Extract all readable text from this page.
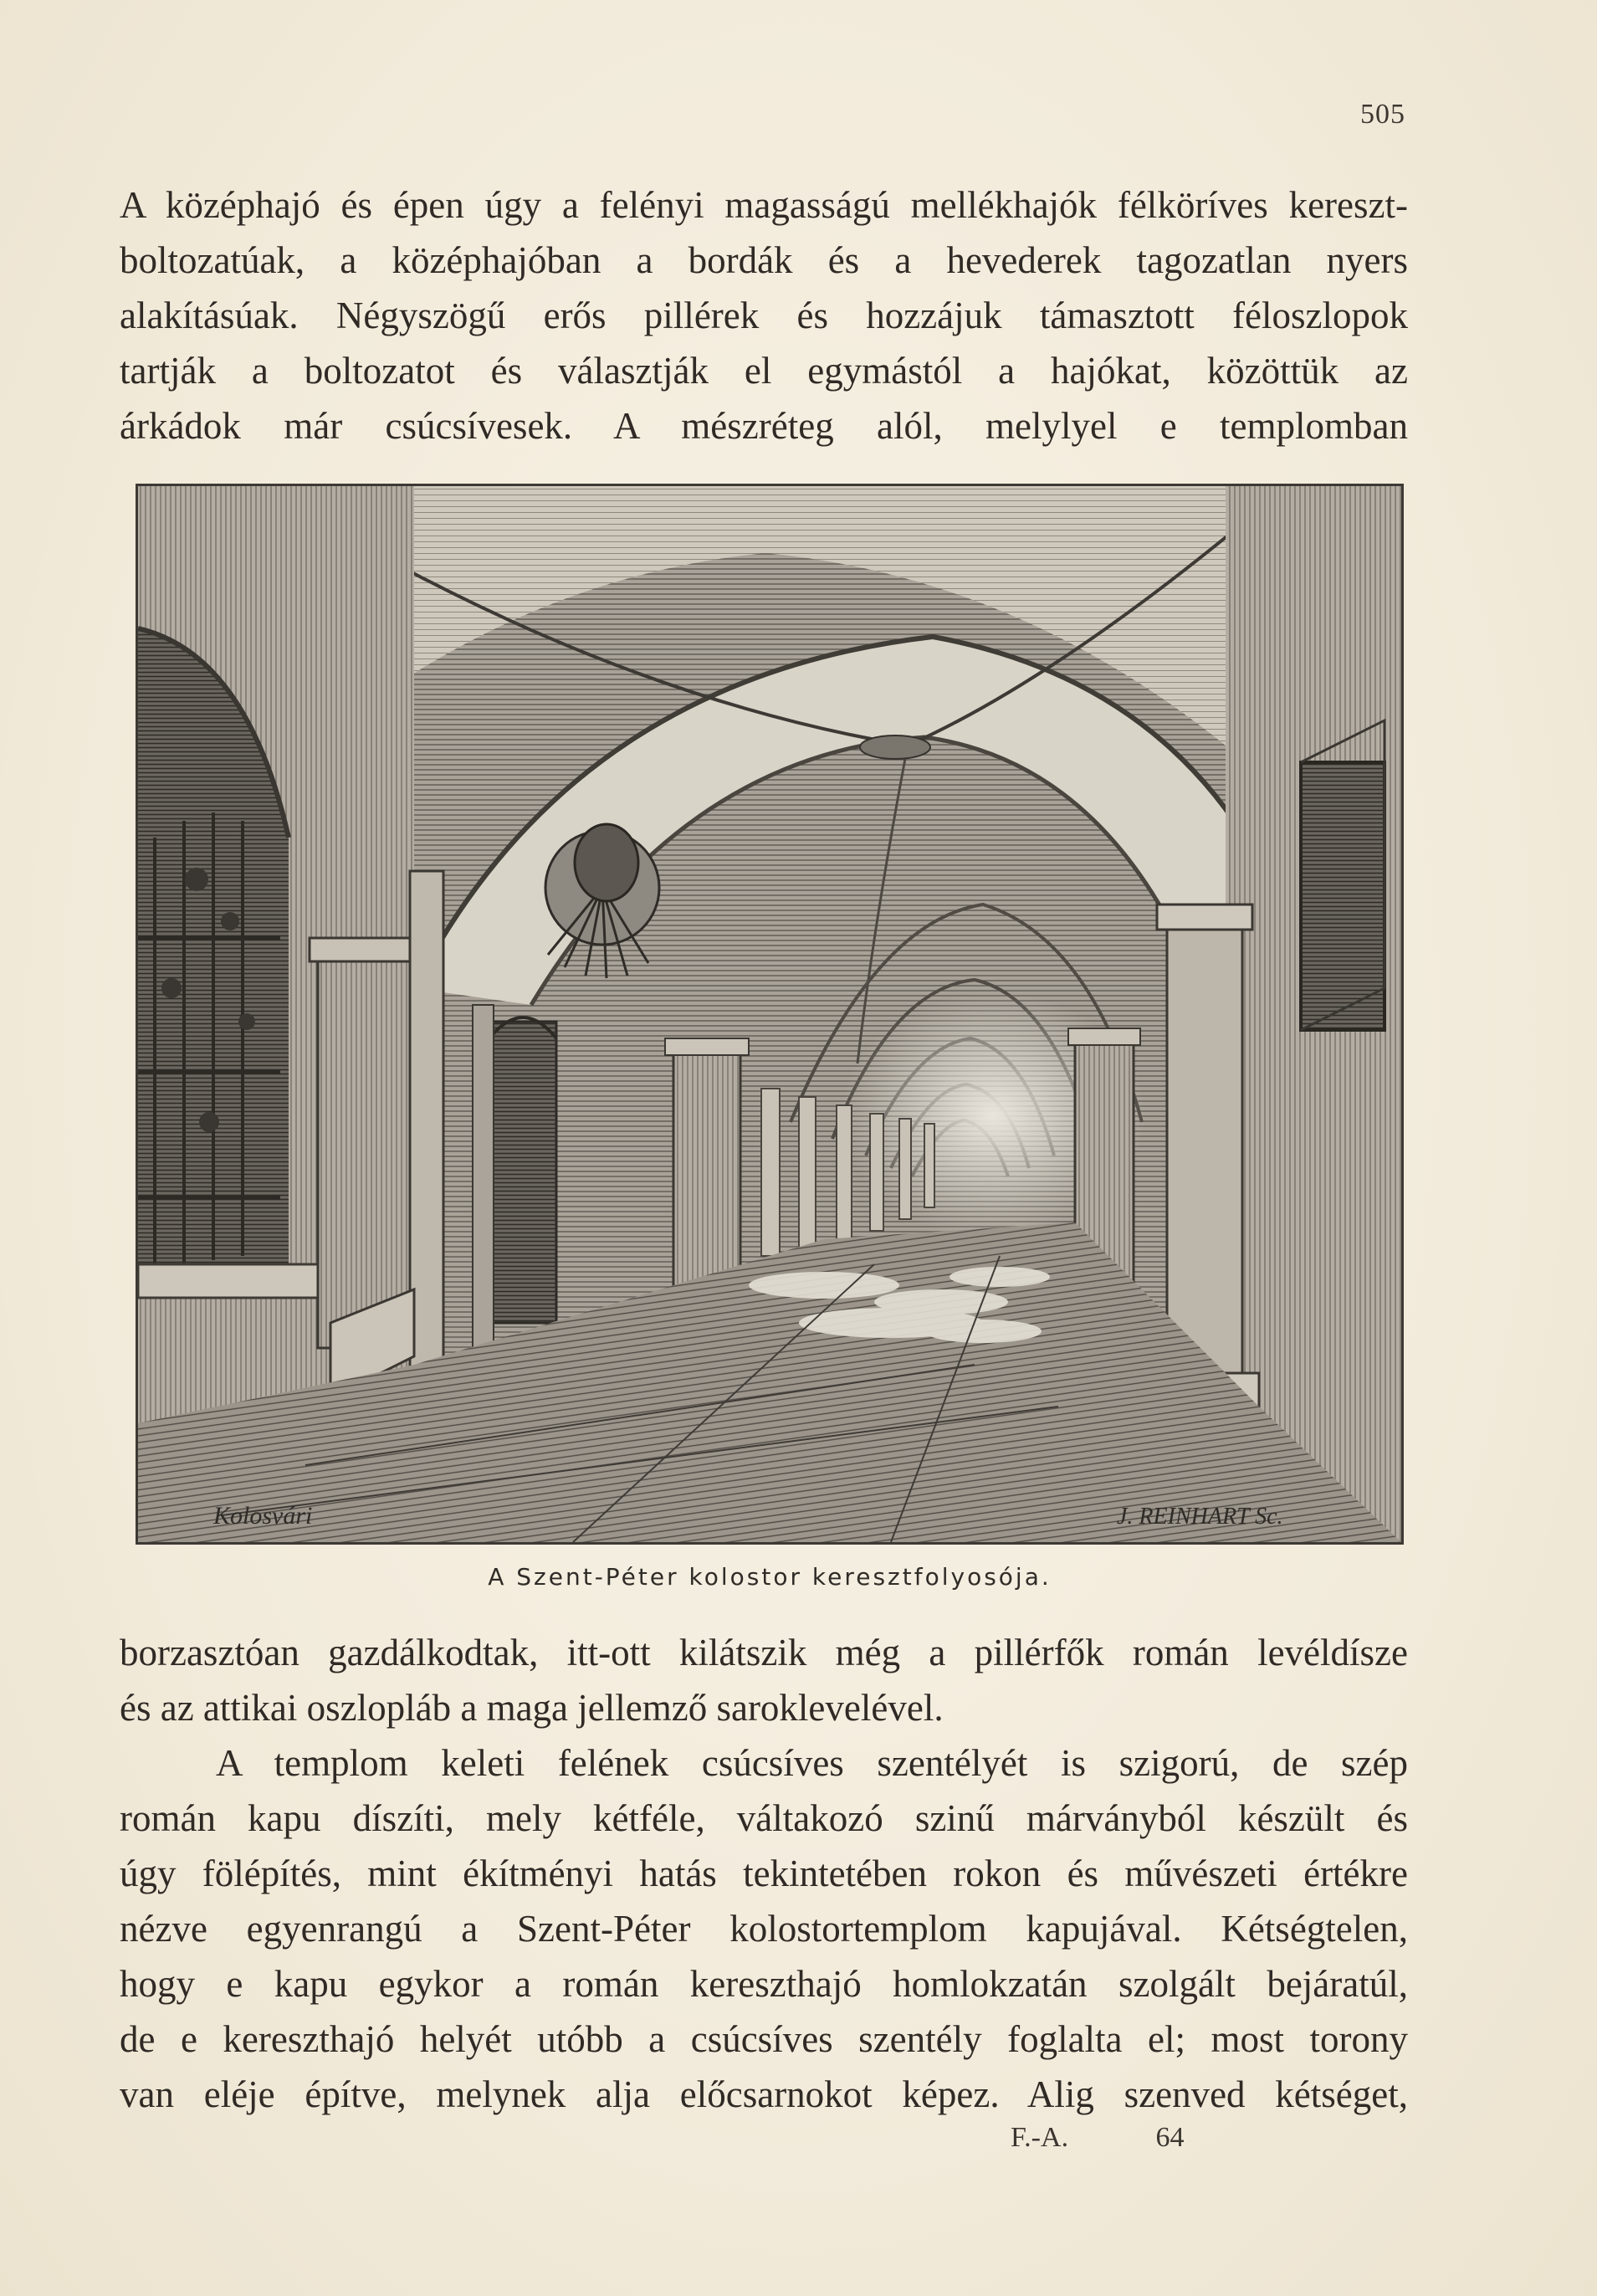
505
A középhajó és épen úgy a felényi magasságú mellékhajók félköríves kereszt-
boltozatúak, a középhajóban a bordák és a hevederek tagozatlan nyers
alakításúak. Négyszögű erős pillérek és hozzájuk támasztott féloszlopok
tartják a boltozatot és választják el egymástól a hajókat, közöttük az
árkádok már csúcsívesek. A mészréteg alól, melylyel e templomban
Kolosvári	J. REINHART Sc.
A Szent-Péter kolostor keresztfolyosója.
borzasztóan gazdálkodtak, itt-ott kilátszik még a pillérfők román levéldísze
és az attikai oszlopláb a maga jellemző saroklevelével.
A templom keleti felének csúcsíves szentélyét is szigorú, de szép
román kapu díszíti, mely kétféle, váltakozó szinű márványból készült és
úgy fölépítés, mint ékítményi hatás tekintetében rokon és művészeti értékre
nézve egyenrangú a Szent-Péter kolostortemplom kapujával. Kétségtelen,
hogy e kapu egykor a román kereszthajó homlokzatán szolgált bejáratúl,
de e kereszthajó helyét utóbb a csúcsíves szentély foglalta el; most torony
van eléje építve, melynek alja előcsarnokot képez. Alig szenved kétséget,
F.-A.	64
